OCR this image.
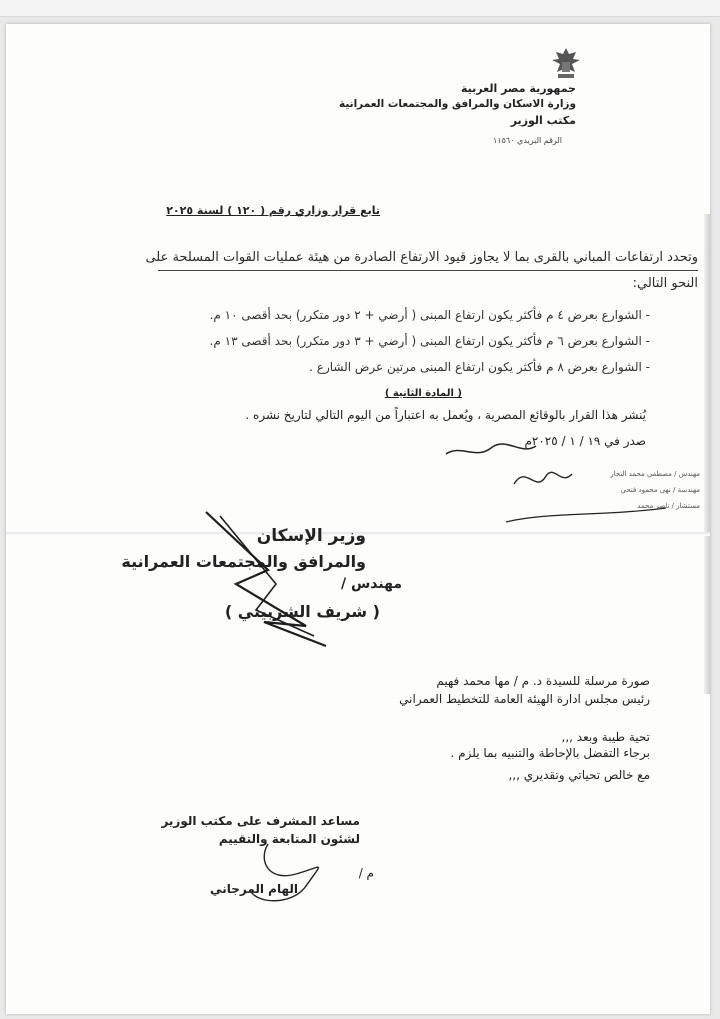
جمهورية مصر العربية
وزارة الاسكان والمرافق والمجتمعات العمرانية
مكتب الوزير
الرقم البريدي ١١٥٦٠
تابع قرار وزاري رقم ( ١٢٠ ) لسنة ٢٠٢٥
وتحدد ارتفاعات المباني بالقرى بما لا يجاوز قيود الارتفاع الصادرة من هيئة عمليات القوات المسلحة على
النحو التالي:
- الشوارع بعرض ٤ م فأكثر يكون ارتفاع المبنى ( أرضي + ٢ دور متكرر) بحد أقصى ١٠ م.
- الشوارع بعرض ٦ م فأكثر يكون ارتفاع المبنى ( أرضي + ٣ دور متكرر) بحد أقصى ١٣ م.
- الشوارع بعرض ٨ م فأكثر يكون ارتفاع المبنى مرتين عرض الشارع .
( المادة الثانية )
يُنشر هذا القرار بالوقائع المصرية ، ويُعمل به اعتباراً من اليوم التالي لتاريخ نشره .
صدر في ١٩ / ١ / ٢٠٢٥م
مهندس / مصطفى محمد النجار
مهندسة / نهى محمود فتحي
مستشار / ناصر محمد
وزير الإسكان
والمرافق والمجتمعات العمرانية
مهندس /
( شريف الشربيني )
صورة مرسلة للسيدة د. م / مها محمد فهيم
رئيس مجلس ادارة الهيئة العامة للتخطيط العمراني
تحية طيبة وبعد ,,,
برجاء التفضل بالإحاطة والتنبيه بما يلزم .
مع خالص تحياتي وتقديري ,,,
مساعد المشرف على مكتب الوزير
لشئون المتابعة والتقييم
م /
الهام المرجاني
